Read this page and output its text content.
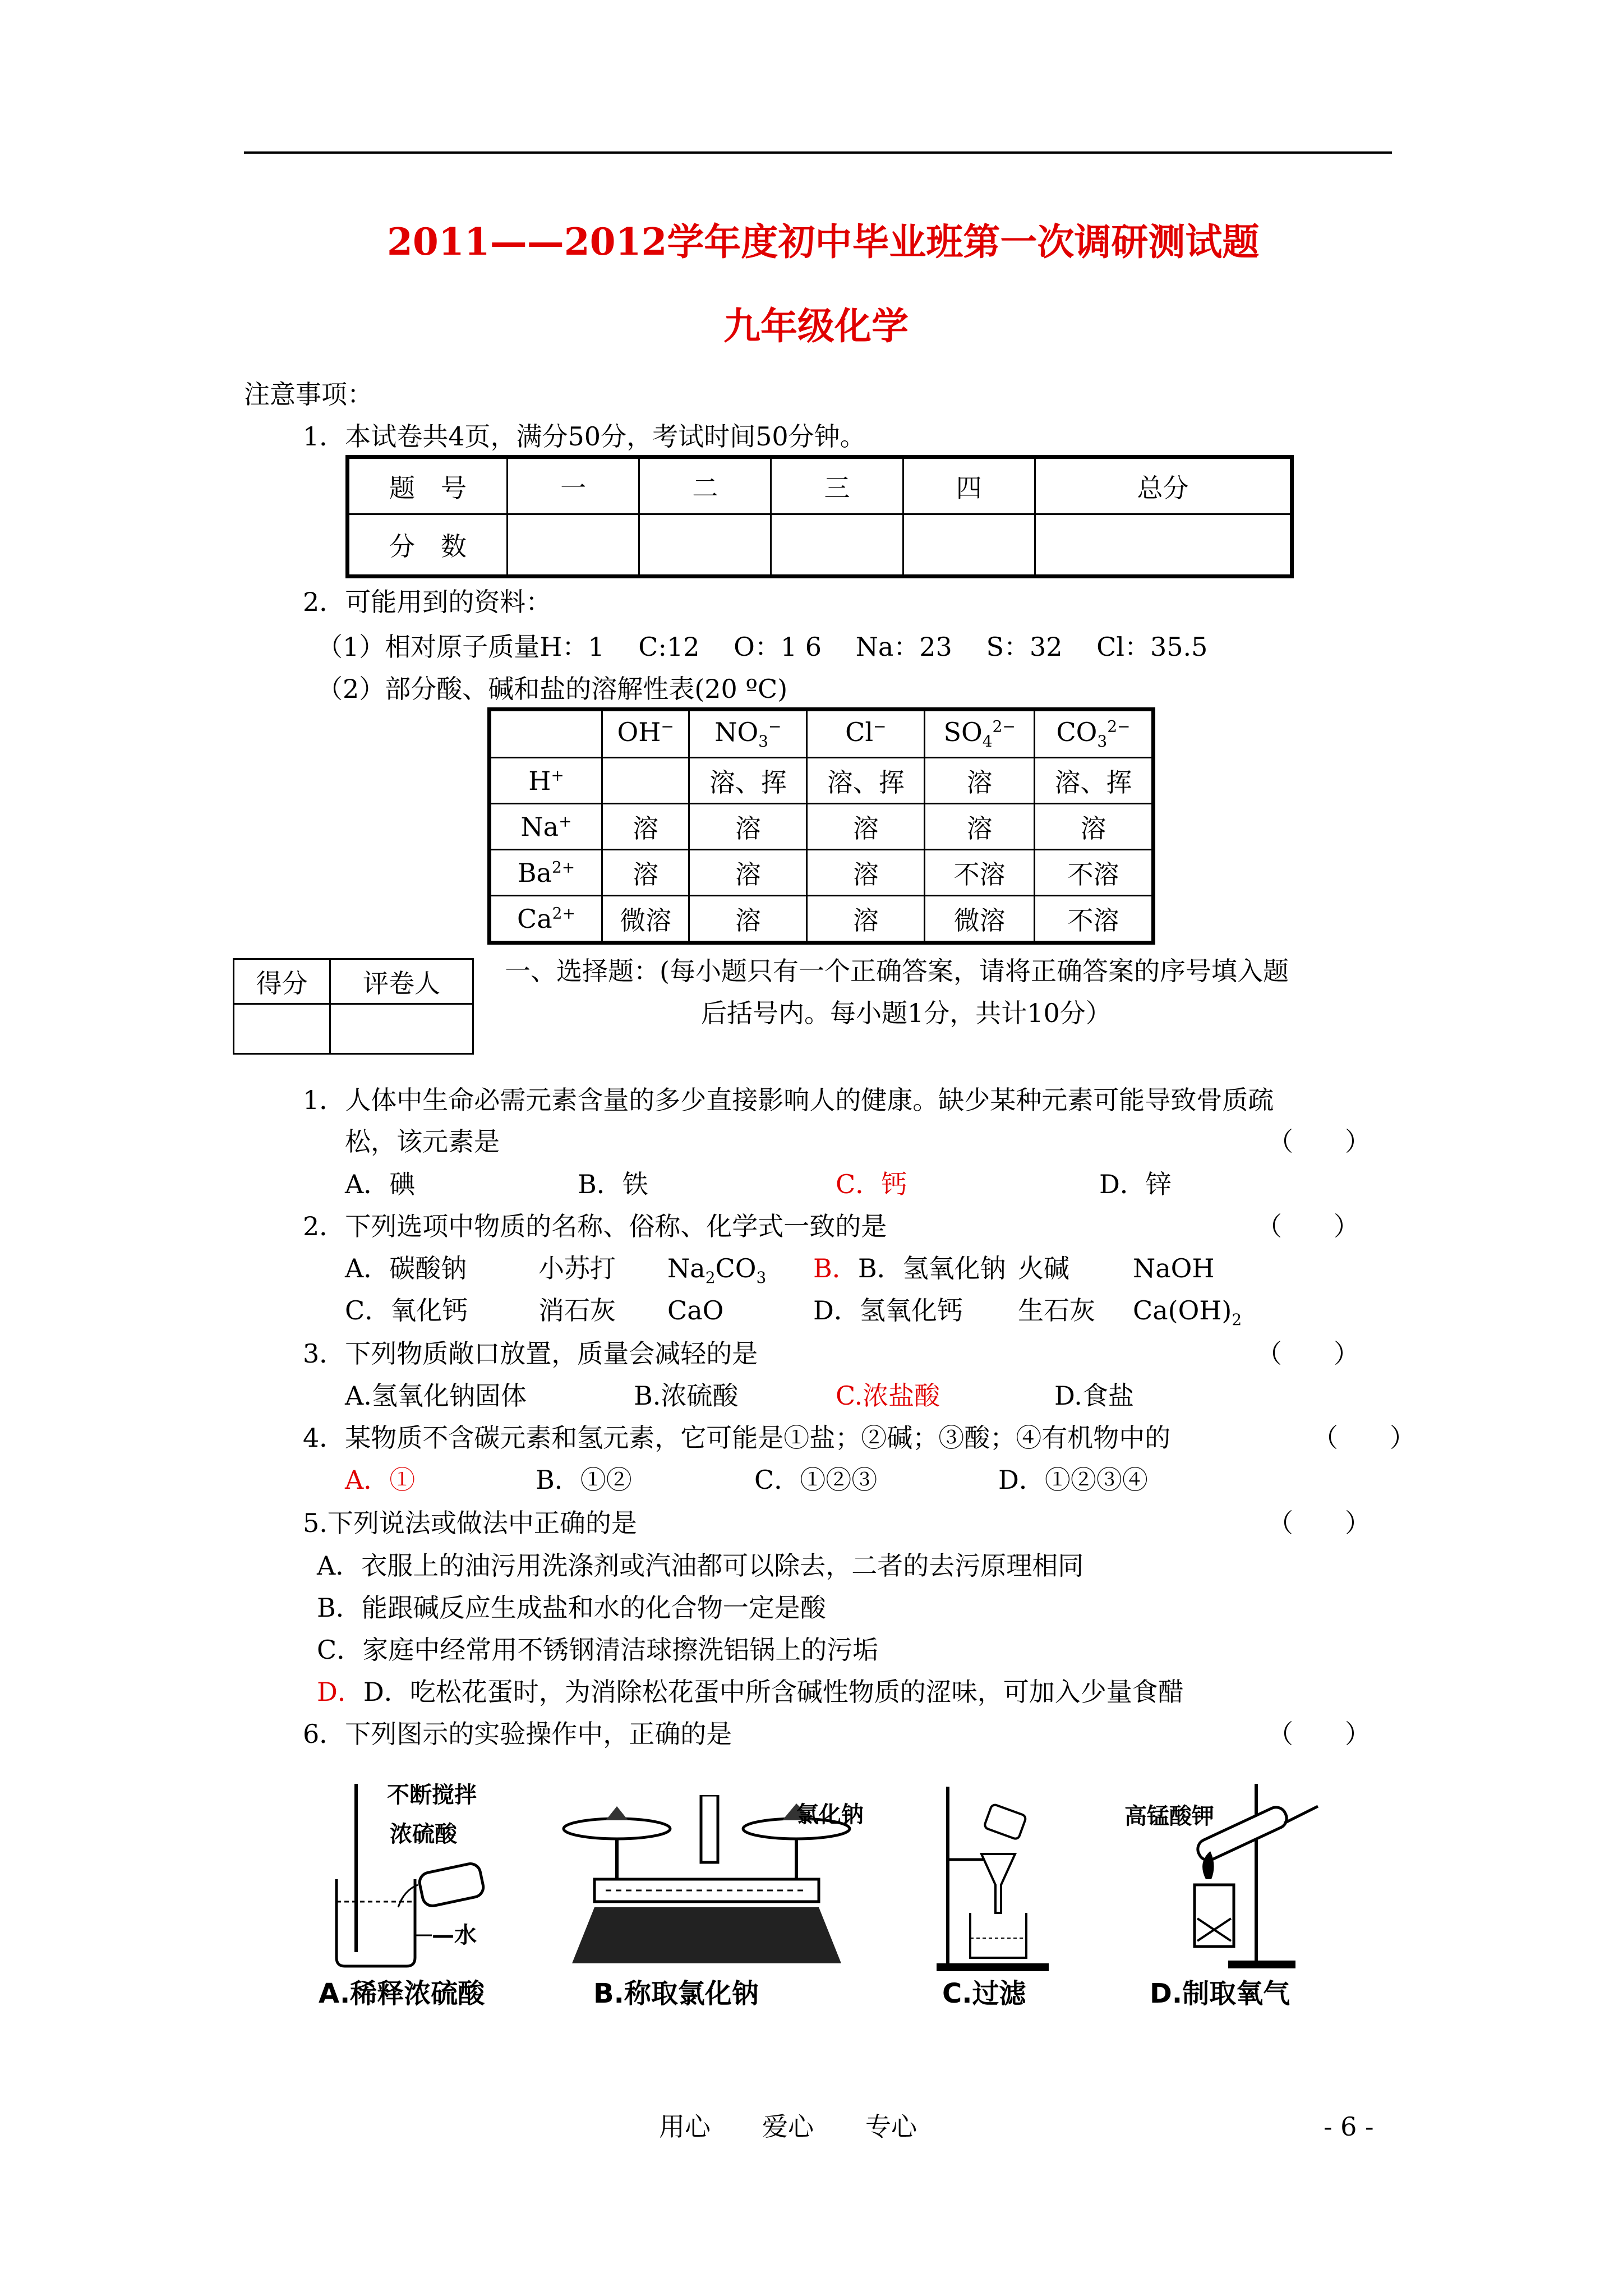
2011——2012学年度初中毕业班第一次调研测试题
九年级化学
注意事项：
1．本试卷共4页，满分50分，考试时间50分钟。
题　号	一	二	三	四	总分
分　数					
2．可能用到的资料：
（1）相对原子质量H：1　 C:12　 O：1 6　 Na：23　 S：32　 Cl：35.5
（2）部分酸、碱和盐的溶解性表(20 ºC)
	OH−	$NO_3^-$	Cl−	$SO_4^{2-}$	$CO_3^{2-}$
H+		溶、挥	溶、挥	溶	溶、挥
Na+	溶	溶	溶	溶	溶
$Ba^{2+}$	溶	溶	溶	不溶	不溶
$Ca^{2+}$	微溶	溶	溶	微溶	不溶
得分	评卷人
		一、选择题：(每小题只有一个正确答案，请将正确答案的序号填入题
后括号内。每小题1分，共计10分）
1．人体中生命必需元素含量的多少直接影响人的健康。缺少某种元素可能导致骨质疏
松，该元素是	（　　）
A．碘	B．铁	C．钙	D．锌
2．下列选项中物质的名称、俗称、化学式一致的是	（　　）
A．碳酸钠	小苏打 $Na_2CO_3$ B．B．氢氧化钠 火碱 NaOH
C．氧化钙	消石灰 CaO	D．氢氧化钙 生石灰 $Ca(OH)_2$
3．下列物质敞口放置，质量会减轻的是	（　　）
A.氢氧化钠固体	B.浓硫酸	C.浓盐酸	D.食盐
4．某物质不含碳元素和氢元素，它可能是①盐；②碱；③酸；④有机物中的	（　　）
A．①	B．①②	C．①②③	D．①②③④
5.下列说法或做法中正确的是	（　　）
A．衣服上的油污用洗涤剂或汽油都可以除去，二者的去污原理相同
B．能跟碱反应生成盐和水的化合物一定是酸
C．家庭中经常用不锈钢清洁球擦洗铝锅上的污垢
D．D．吃松花蛋时，为消除松花蛋中所含碱性物质的涩味，可加入少量食醋
6．下列图示的实验操作中，正确的是	（　　）
不断搅拌
浓硫酸
—水
A.稀释浓硫酸
氯化钠
B.称取氯化钠	C.过滤
高锰酸钾
D.制取氧气
用心　　爱心　　专心	- 6 -
